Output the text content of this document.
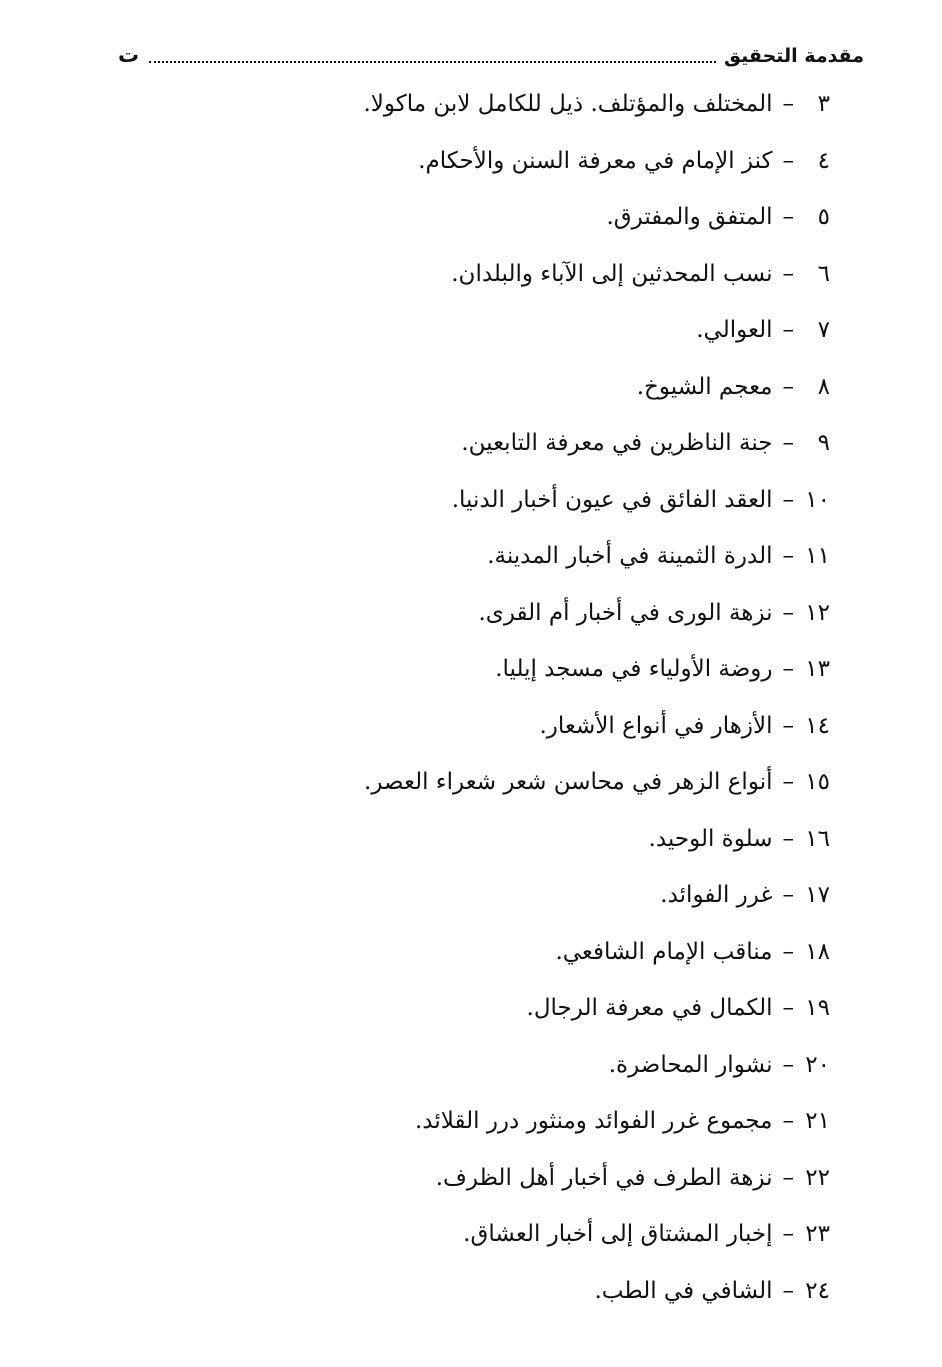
مقدمة التحقيق
ت
٣
–
المختلف والمؤتلف. ذيل للكامل لابن ماكولا.
٤
–
كنز الإمام في معرفة السنن والأحكام.
٥
–
المتفق والمفترق.
٦
–
نسب المحدثين إلى الآباء والبلدان.
٧
–
العوالي.
٨
–
معجم الشيوخ.
٩
–
جنة الناظرين في معرفة التابعين.
١٠
–
العقد الفائق في عيون أخبار الدنيا.
١١
–
الدرة الثمينة في أخبار المدينة.
١٢
–
نزهة الورى في أخبار أم القرى.
١٣
–
روضة الأولياء في مسجد إيليا.
١٤
–
الأزهار في أنواع الأشعار.
١٥
–
أنواع الزهر في محاسن شعر شعراء العصر.
١٦
–
سلوة الوحيد.
١٧
–
غرر الفوائد.
١٨
–
مناقب الإمام الشافعي.
١٩
–
الكمال في معرفة الرجال.
٢٠
–
نشوار المحاضرة.
٢١
–
مجموع غرر الفوائد ومنثور درر القلائد.
٢٢
–
نزهة الطرف في أخبار أهل الظرف.
٢٣
–
إخبار المشتاق إلى أخبار العشاق.
٢٤
–
الشافي في الطب.
